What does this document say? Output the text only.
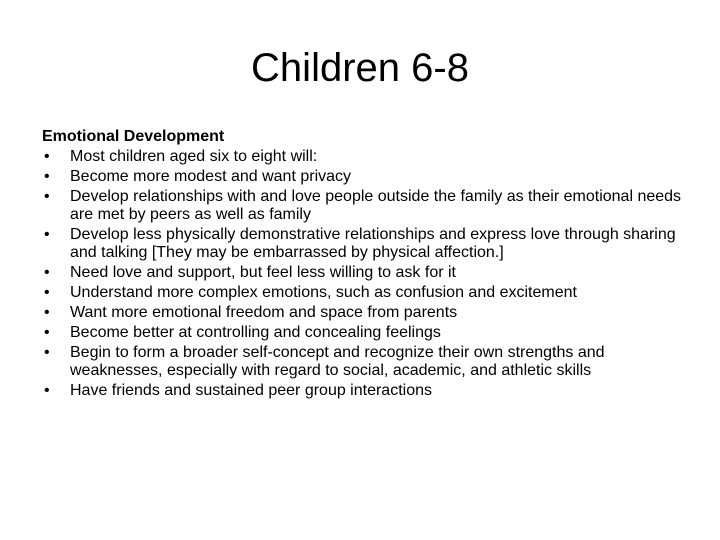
Children 6-8
Emotional Development
•	Most children aged six to eight will:
•	Become more modest and want privacy
•	Develop relationships with and love people outside the family as their emotional needs are met by peers as well as family
•	Develop less physically demonstrative relationships and express love through sharing and talking [They may be embarrassed by physical affection.]
•	Need love and support, but feel less willing to ask for it
•	Understand more complex emotions, such as confusion and excitement
•	Want more emotional freedom and space from parents
•	Become better at controlling and concealing feelings
•	Begin to form a broader self-concept and recognize their own strengths and weaknesses, especially with regard to social, academic, and athletic skills
•	Have friends and sustained peer group interactions
